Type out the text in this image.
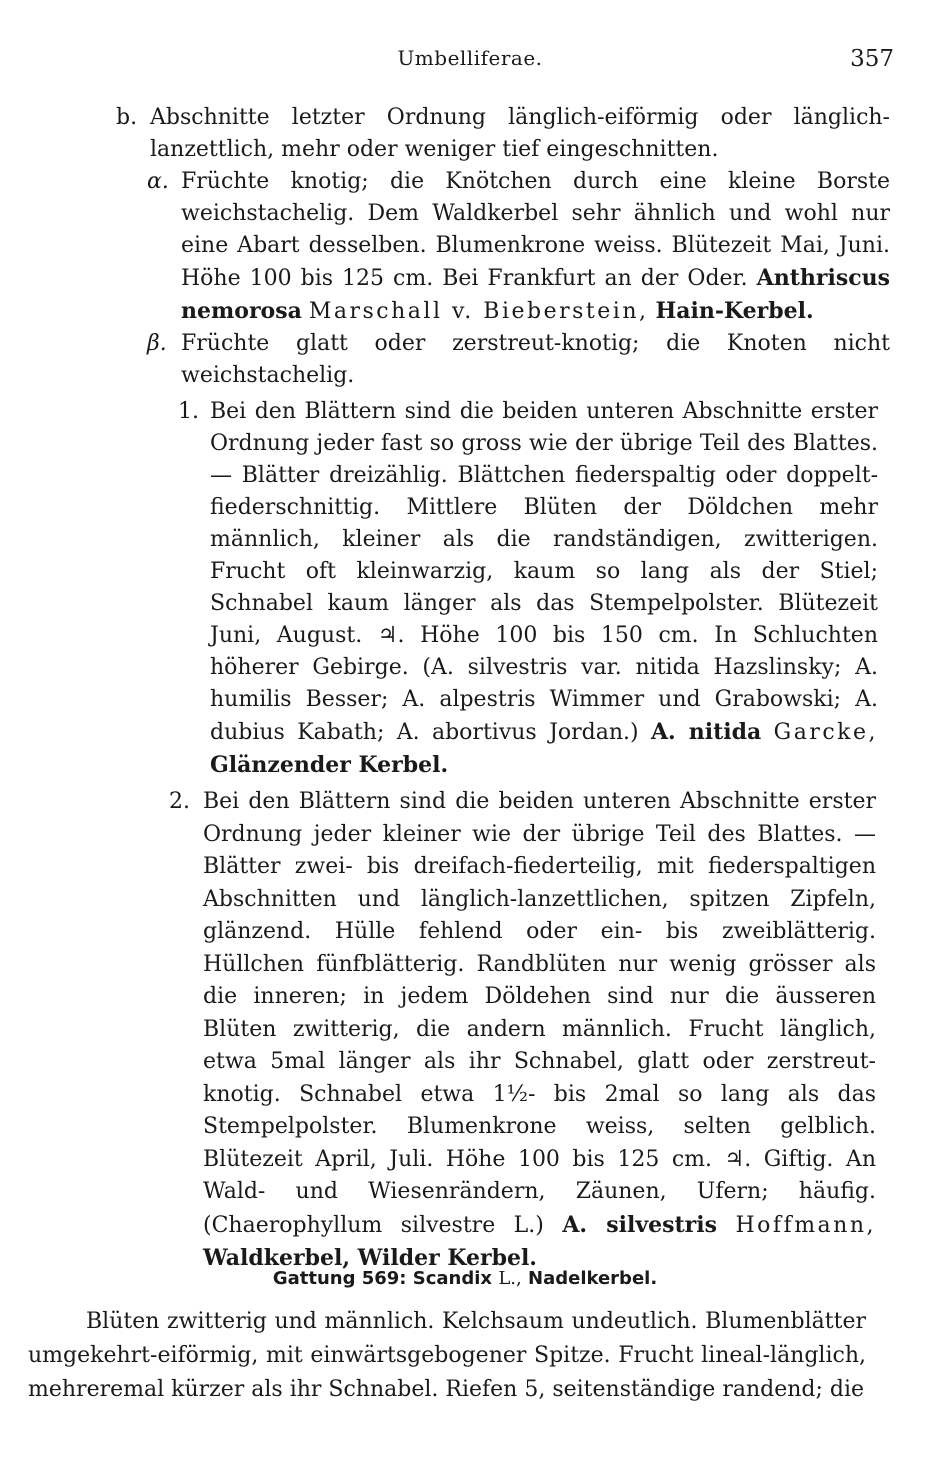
Umbelliferae.	357
b. Abschnitte letzter Ordnung länglich-eiförmig oder länglich-lanzettlich, mehr oder weniger tief eingeschnitten.
α. Früchte knotig; die Knötchen durch eine kleine Borste weichstachelig. Dem Waldkerbel sehr ähnlich und wohl nur eine Abart desselben. Blumenkrone weiss. Blütezeit Mai, Juni. Höhe 100 bis 125 cm. Bei Frankfurt an der Oder. Anthriscus nemorosa Marschall v. Bieberstein, Hain-Kerbel.
β. Früchte glatt oder zerstreut-knotig; die Knoten nicht weichstachelig.
1. Bei den Blättern sind die beiden unteren Abschnitte erster Ordnung jeder fast so gross wie der übrige Teil des Blattes. — Blätter dreizählig. Blättchen fiederspaltig oder doppelt-fiederschnittig. Mittlere Blüten der Döldchen mehr männlich, kleiner als die randständigen, zwitterigen. Frucht oft kleinwarzig, kaum so lang als der Stiel; Schnabel kaum länger als das Stempelpolster. Blütezeit Juni, August. ♃. Höhe 100 bis 150 cm. In Schluchten höherer Gebirge. (A. silvestris var. nitida Hazslinsky; A. humilis Besser; A. alpestris Wimmer und Grabowski; A. dubius Kabath; A. abortivus Jordan.) A. nitida Garcke, Glänzender Kerbel.
2. Bei den Blättern sind die beiden unteren Abschnitte erster Ordnung jeder kleiner wie der übrige Teil des Blattes. — Blätter zwei- bis dreifach-fiederteilig, mit fiederspaltigen Abschnitten und länglich-lanzettlichen, spitzen Zipfeln, glänzend. Hülle fehlend oder ein- bis zweiblätterig. Hüllchen fünfblätterig. Randblüten nur wenig grösser als die inneren; in jedem Döldehen sind nur die äusseren Blüten zwitterig, die andern männlich. Frucht länglich, etwa 5mal länger als ihr Schnabel, glatt oder zerstreut-knotig. Schnabel etwa 1½- bis 2mal so lang als das Stempelpolster. Blumenkrone weiss, selten gelblich. Blütezeit April, Juli. Höhe 100 bis 125 cm. ♃. Giftig. An Wald- und Wiesenrändern, Zäunen, Ufern; häufig. (Chaerophyllum silvestre L.) A. silvestris Hoffmann, Waldkerbel, Wilder Kerbel.
Gattung 569: Scandix L., Nadelkerbel.
Blüten zwitterig und männlich. Kelchsaum undeutlich. Blumenblätter umgekehrt-eiförmig, mit einwärtsgebogener Spitze. Frucht lineal-länglich, mehreremal kürzer als ihr Schnabel. Riefen 5, seitenständige randend; die
